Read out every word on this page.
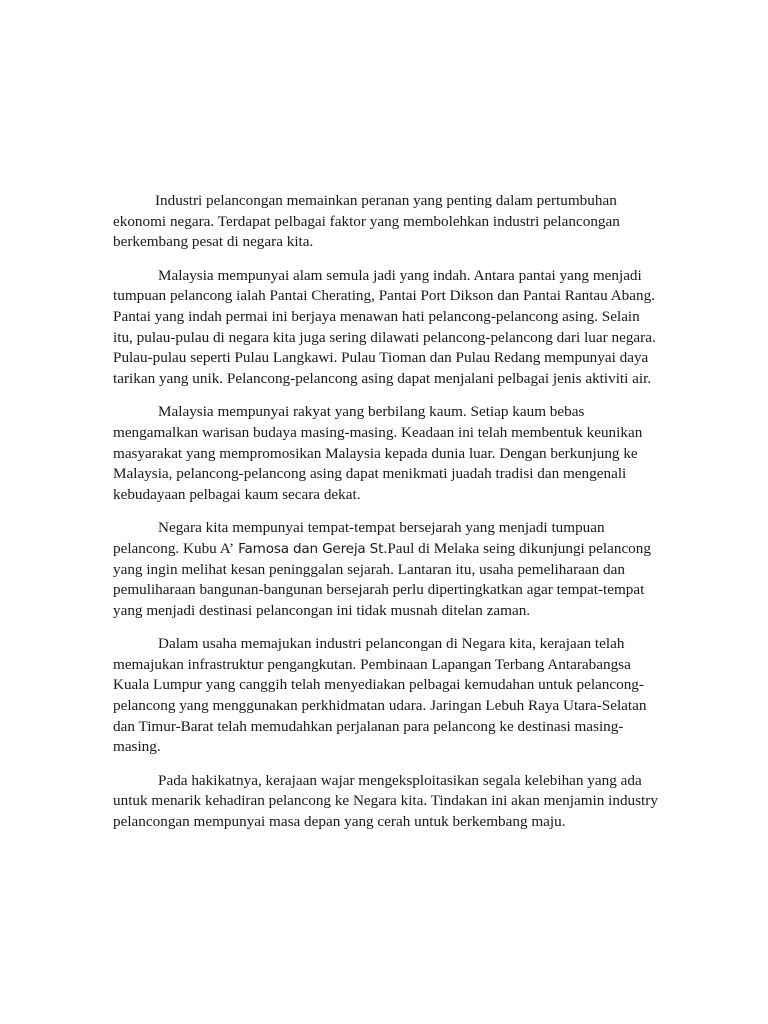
Industri pelancongan memainkan peranan yang penting dalam pertumbuhan ekonomi negara. Terdapat pelbagai faktor yang membolehkan industri pelancongan berkembang pesat di negara kita.

Malaysia mempunyai alam semula jadi yang indah. Antara pantai yang menjadi tumpuan pelancong ialah Pantai Cherating, Pantai Port Dikson dan Pantai Rantau Abang. Pantai yang indah permai ini berjaya menawan hati pelancong-pelancong asing. Selain itu, pulau-pulau di negara kita juga sering dilawati pelancong-pelancong dari luar negara. Pulau-pulau seperti Pulau Langkawi. Pulau Tioman dan Pulau Redang mempunyai daya tarikan yang unik. Pelancong-pelancong asing dapat menjalani pelbagai jenis aktiviti air.

Malaysia mempunyai rakyat yang berbilang kaum. Setiap kaum bebas mengamalkan warisan budaya masing-masing. Keadaan ini telah membentuk keunikan masyarakat yang mempromosikan Malaysia kepada dunia luar. Dengan berkunjung ke Malaysia, pelancong-pelancong asing dapat menikmati juadah tradisi dan mengenali kebudayaan pelbagai kaum secara dekat.

Negara kita mempunyai tempat-tempat bersejarah yang menjadi tumpuan pelancong. Kubu A’ Famosa dan Gereja St.Paul di Melaka seing dikunjungi pelancong yang ingin melihat kesan peninggalan sejarah. Lantaran itu, usaha pemeliharaan dan pemuliharaan bangunan-bangunan bersejarah perlu dipertingkatkan agar tempat-tempat yang menjadi destinasi pelancongan ini tidak musnah ditelan zaman.

Dalam usaha memajukan industri pelancongan di Negara kita, kerajaan telah memajukan infrastruktur pengangkutan. Pembinaan Lapangan Terbang Antarabangsa Kuala Lumpur yang canggih telah menyediakan pelbagai kemudahan untuk pelancong-pelancong yang menggunakan perkhidmatan udara. Jaringan Lebuh Raya Utara-Selatan dan Timur-Barat telah memudahkan perjalanan para pelancong ke destinasi masing-masing.

Pada hakikatnya, kerajaan wajar mengeksploitasikan segala kelebihan yang ada untuk menarik kehadiran pelancong ke Negara kita. Tindakan ini akan menjamin industry pelancongan mempunyai masa depan yang cerah untuk berkembang maju.
